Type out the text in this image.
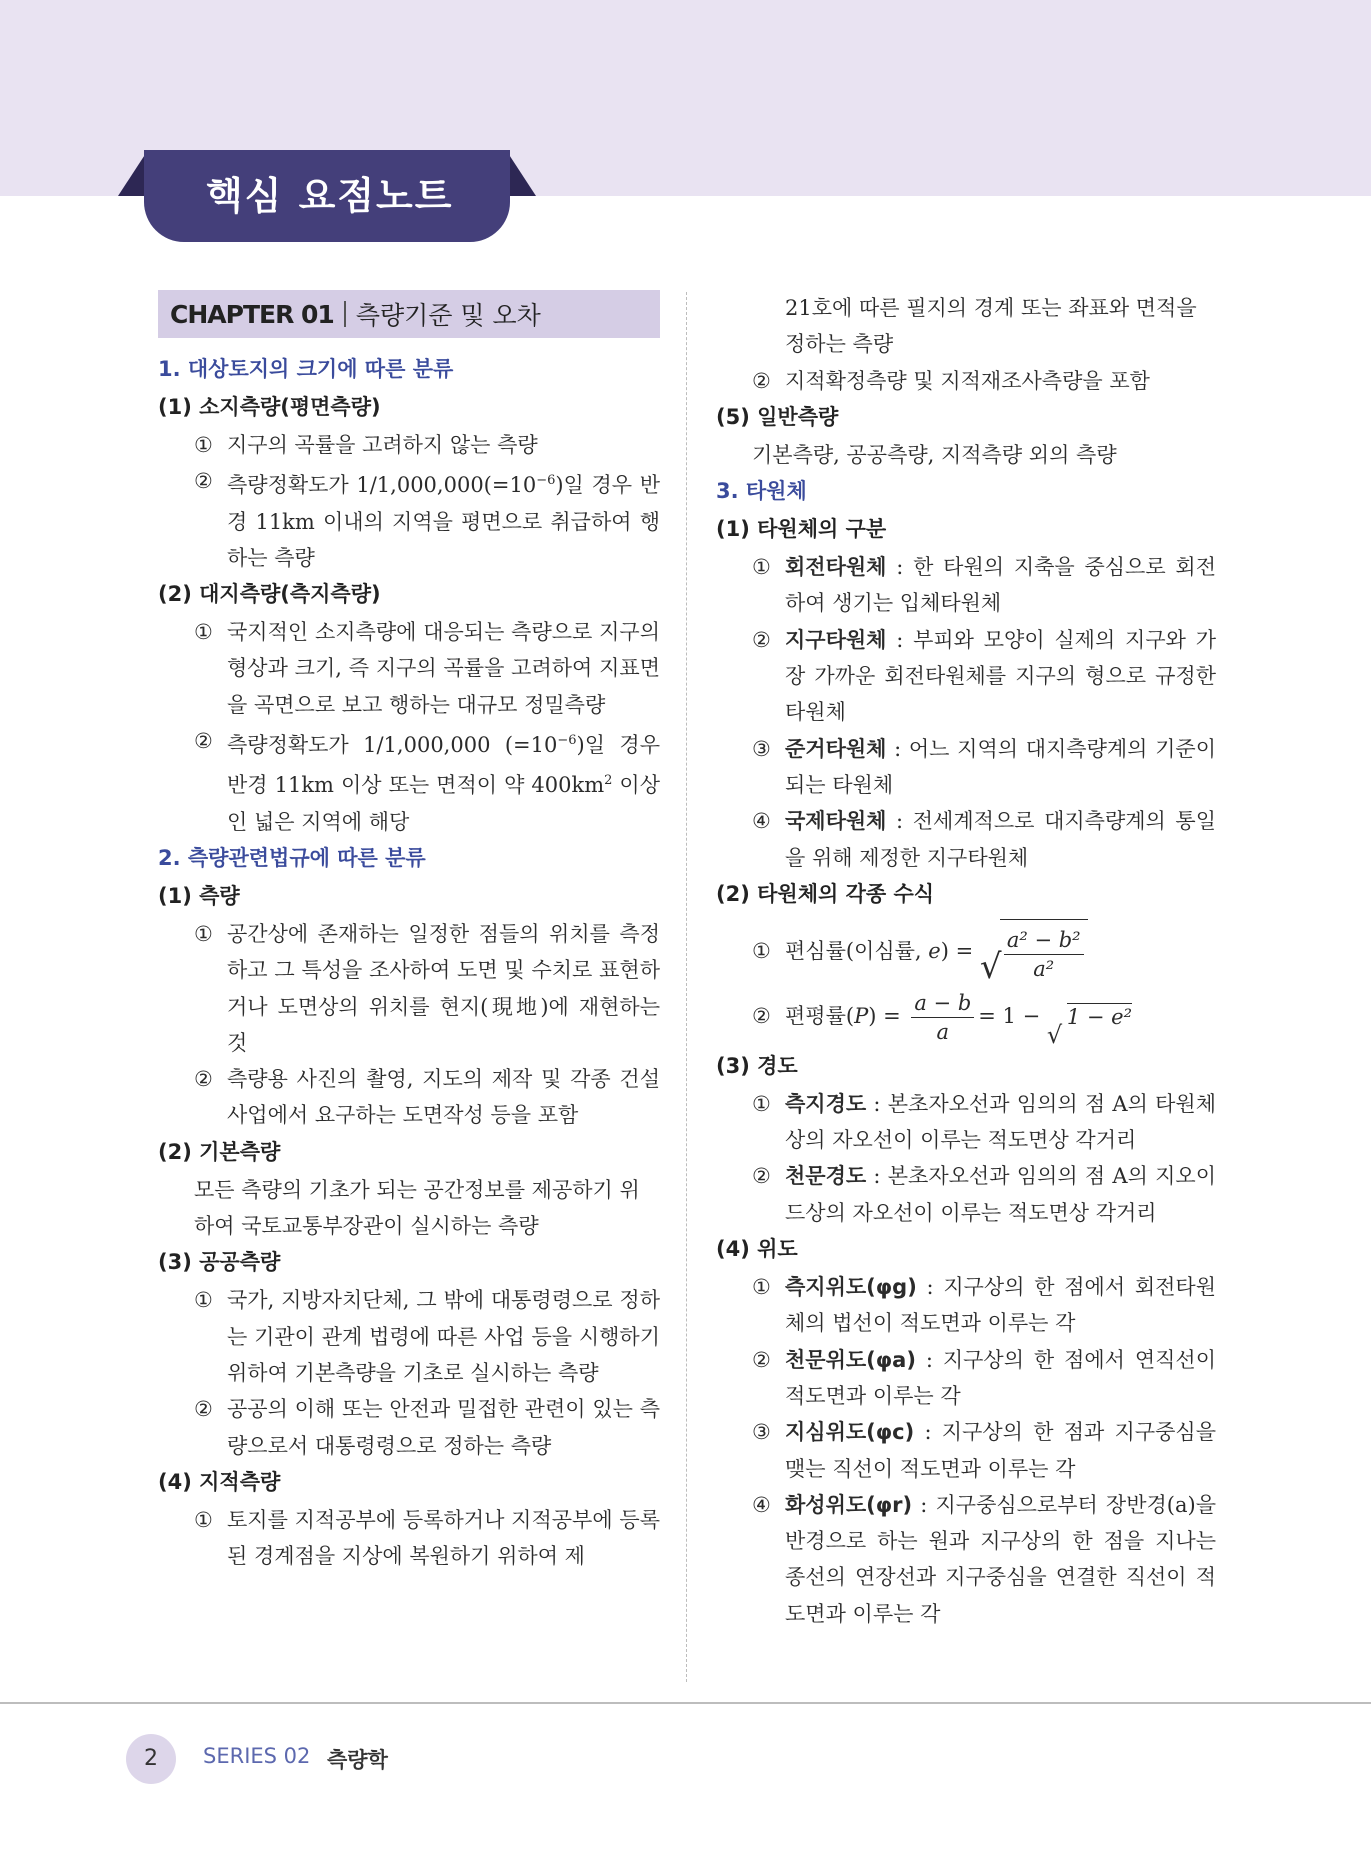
핵심 요점노트
CHAPTER 01 측량기준 및 오차
1. 대상토지의 크기에 따른 분류
(1) 소지측량(평면측량)
① 지구의 곡률을 고려하지 않는 측량
② 측량정확도가 $1/1,000,000(=10^{-6})$일 경우 반경 11km 이내의 지역을 평면으로 취급하여 행하는 측량
(2) 대지측량(측지측량)
① 국지적인 소지측량에 대응되는 측량으로 지구의 형상과 크기, 즉 지구의 곡률을 고려하여 지표면을 곡면으로 보고 행하는 대규모 정밀측량
② 측량정확도가 1/1,000,000 $(=10^{-6})$일 경우 반경 11km 이상 또는 면적이 약 $400km^2$ 이상인 넓은 지역에 해당
2. 측량관련법규에 따른 분류
(1) 측량
① 공간상에 존재하는 일정한 점들의 위치를 측정하고 그 특성을 조사하여 도면 및 수치로 표현하거나 도면상의 위치를 현지(現地)에 재현하는 것
② 측량용 사진의 촬영, 지도의 제작 및 각종 건설사업에서 요구하는 도면작성 등을 포함
(2) 기본측량
모든 측량의 기초가 되는 공간정보를 제공하기 위하여 국토교통부장관이 실시하는 측량
(3) 공공측량
① 국가, 지방자치단체, 그 밖에 대통령령으로 정하는 기관이 관계 법령에 따른 사업 등을 시행하기 위하여 기본측량을 기초로 실시하는 측량
② 공공의 이해 또는 안전과 밀접한 관련이 있는 측량으로서 대통령령으로 정하는 측량
(4) 지적측량
① 토지를 지적공부에 등록하거나 지적공부에 등록된 경계점을 지상에 복원하기 위하여 제
21호에 따른 필지의 경계 또는 좌표와 면적을 정하는 측량
② 지적확정측량 및 지적재조사측량을 포함
(5) 일반측량
기본측량, 공공측량, 지적측량 외의 측량
3. 타원체
(1) 타원체의 구분
① 회전타원체 : 한 타원의 지축을 중심으로 회전하여 생기는 입체타원체
② 지구타원체 : 부피와 모양이 실제의 지구와 가장 가까운 회전타원체를 지구의 형으로 규정한 타원체
③ 준거타원체 : 어느 지역의 대지측량계의 기준이 되는 타원체
④ 국제타원체 : 전세계적으로 대지측량계의 통일을 위해 제정한 지구타원체
(2) 타원체의 각종 수식
① 편심률(이심률, e) = √ $\frac{\text{a² − b²}}{\text{a²}}$
② 편평률$(P) = \frac{a - b}{a} = 1$ −
√
1 − e²
(3) 경도
① 측지경도 : 본초자오선과 임의의 점 A의 타원체상의 자오선이 이루는 적도면상 각거리
② 천문경도 : 본초자오선과 임의의 점 A의 지오이드상의 자오선이 이루는 적도면상 각거리
(4) 위도
① 측지위도(φg) : 지구상의 한 점에서 회전타원체의 법선이 적도면과 이루는 각
② 천문위도(φa) : 지구상의 한 점에서 연직선이 적도면과 이루는 각
③ 지심위도(φc) : 지구상의 한 점과 지구중심을 맺는 직선이 적도면과 이루는 각
④ 화성위도(φr) : 지구중심으로부터 장반경(a)을 반경으로 하는 원과 지구상의 한 점을 지나는 종선의 연장선과 지구중심을 연결한 직선이 적도면과 이루는 각
2	SERIES 02 측량학
